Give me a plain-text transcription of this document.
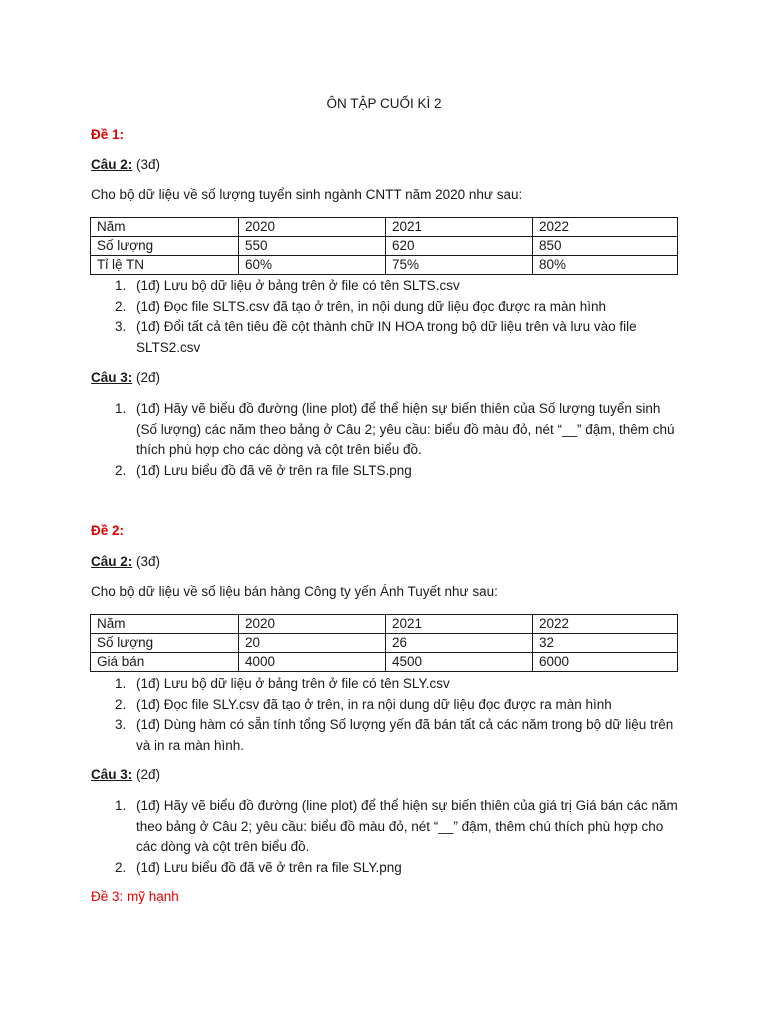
ÔN TẬP CUỐI KÌ 2
Đề 1:
Câu 2: (3đ)
Cho bộ dữ liệu về số lượng tuyển sinh ngành CNTT năm 2020 như sau:
Năm	2020	2021	2022
Số lượng	550	620	850
Tỉ lệ TN	60%	75%	80%
1. (1đ) Lưu bộ dữ liệu ở bảng trên ở file có tên SLTS.csv
2. (1đ) Đọc file SLTS.csv đã tạo ở trên, in nội dung dữ liệu đọc được ra màn hình
3. (1đ) Đổi tất cả tên tiêu đề cột thành chữ IN HOA trong bộ dữ liệu trên và lưu vào file SLTS2.csv
Câu 3: (2đ)
1. (1đ) Hãy vẽ biểu đồ đường (line plot) để thể hiện sự biến thiên của Số lượng tuyển sinh (Số lượng) các năm theo bảng ở Câu 2; yêu cầu: biểu đồ màu đỏ, nét “__” đậm, thêm chú thích phù hợp cho các dòng và cột trên biểu đồ.
2. (1đ) Lưu biểu đồ đã vẽ ở trên ra file SLTS.png
Đề 2:
Câu 2: (3đ)
Cho bộ dữ liệu về số liệu bán hàng Công ty yến Ánh Tuyết như sau:
Năm	2020	2021	2022
Số lượng	20	26	32
Giá bán	4000	4500	6000
1. (1đ) Lưu bộ dữ liệu ở bảng trên ở file có tên SLY.csv
2. (1đ) Đọc file SLY.csv đã tạo ở trên, in ra nội dung dữ liệu đọc được ra màn hình
3. (1đ) Dùng hàm có sẵn tính tổng Số lượng yến đã bán tất cả các năm trong bộ dữ liệu trên và in ra màn hình.
Câu 3: (2đ)
1. (1đ) Hãy vẽ biểu đồ đường (line plot) để thể hiện sự biến thiên của giá trị Giá bán các năm theo bảng ở Câu 2; yêu cầu: biểu đồ màu đỏ, nét “__” đậm, thêm chú thích phù hợp cho các dòng và cột trên biểu đồ.
2. (1đ) Lưu biểu đồ đã vẽ ở trên ra file SLY.png
Đề 3: mỹ hạnh
